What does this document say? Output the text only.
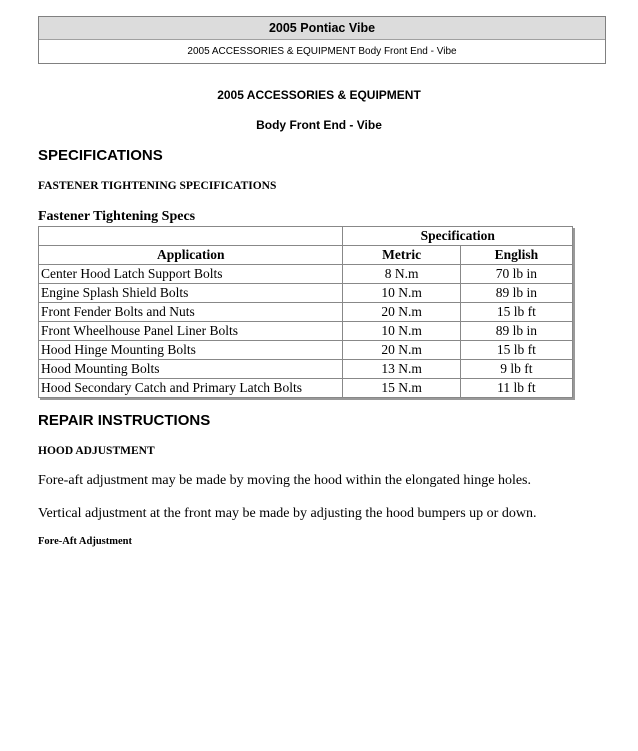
2005 Pontiac Vibe
2005 ACCESSORIES & EQUIPMENT Body Front End - Vibe
2005 ACCESSORIES & EQUIPMENT
Body Front End - Vibe
SPECIFICATIONS
FASTENER TIGHTENING SPECIFICATIONS
Fastener Tightening Specs
	Specification	
Application	Metric	English
Center Hood Latch Support Bolts	8 N.m	70 lb in
Engine Splash Shield Bolts	10 N.m	89 lb in
Front Fender Bolts and Nuts	20 N.m	15 lb ft
Front Wheelhouse Panel Liner Bolts	10 N.m	89 lb in
Hood Hinge Mounting Bolts	20 N.m	15 lb ft
Hood Mounting Bolts	13 N.m	9 lb ft
Hood Secondary Catch and Primary Latch Bolts	15 N.m	11 lb ft
REPAIR INSTRUCTIONS
HOOD ADJUSTMENT
Fore-aft adjustment may be made by moving the hood within the elongated hinge holes.
Vertical adjustment at the front may be made by adjusting the hood bumpers up or down.
Fore-Aft Adjustment
